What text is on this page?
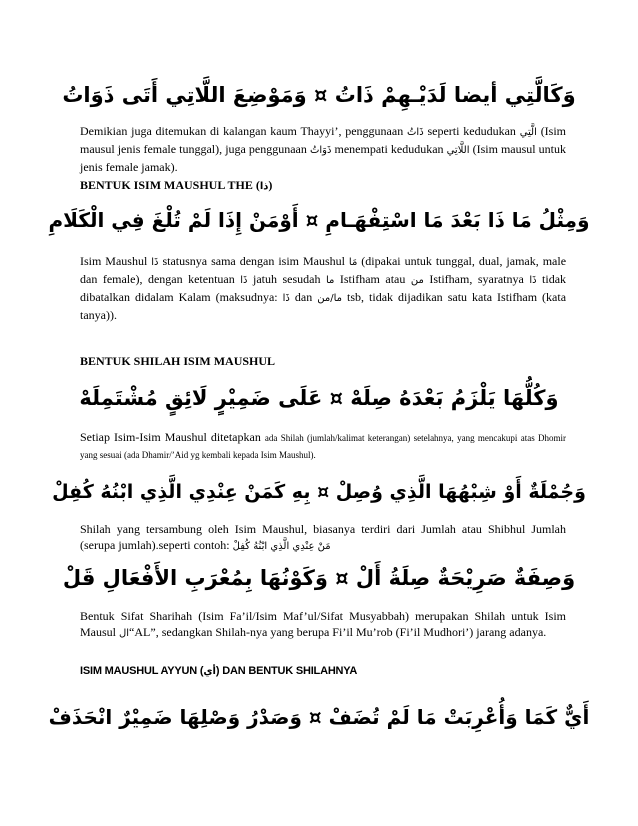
وَكَالَّتِي أيضا لَدَيْـهِمْ ذَاتُ ¤ وَمَوْضِعَ اللَّاتِي أَتَى ذَوَاتُ
Demikian juga ditemukan di kalangan kaum Thayyi’, penggunaan ذَاتُ seperti kedudukan الَّتِي (Isim mausul jenis female tunggal), juga penggunaan ذَوَاتُ menempati kedudukan اللَّاتِي (Isim mausul untuk jenis female jamak).
BENTUK ISIM MAUSHUL THE (ذا)
وَمِثْلُ مَا ذَا بَعْدَ مَا اسْتِفْهَـامِ ¤ أَوْمَنْ إِذَا لَمْ تُلْغَ فِي الْكَلَامِ
Isim Maushul ذَا statusnya sama dengan isim Maushul مَا (dipakai untuk tunggal, dual, jamak, male dan female), dengan ketentuan ذَا jatuh sesudah ما Istifham atau من Istifham, syaratnya ذَا tidak dibatalkan didalam Kalam (maksudnya: ذَا dan ما/من tsb, tidak dijadikan satu kata Istifham (kata tanya)).
BENTUK SHILAH ISIM MAUSHUL
وَكُلُّهَا يَلْزَمُ بَعْدَهُ صِلَهْ ¤ عَلَى ضَمِيْرٍ لَائِقٍ مُشْتَمِلَهْ
Setiap Isim-Isim Maushul ditetapkan ada Shilah (jumlah/kalimat keterangan) setelahnya, yang mencakupi atas Dhomir yang sesuai (ada Dhamir/’Aid yg kembali kepada Isim Maushul).
وَجُمْلَةٌ أَوْ شِبْهُهَا الَّذِي وُصِلْ ¤ بِهِ كَمَنْ عِنْدِي الَّذِي ابْنُهُ كُفِلْ
Shilah yang tersambung oleh Isim Maushul, biasanya terdiri dari Jumlah atau Shibhul Jumlah (serupa jumlah).seperti contoh: مَنْ عِنْدِي الَّذِي ابْنُهُ كُفِلْ
وَصِفَةٌ صَرِيْحَةٌ صِلَةُ أَلْ ¤ وَكَوْنُهَا بِمُعْرَبِ الأَفْعَالِ قَلْ
Bentuk Sifat Sharihah (Isim Fa’il/Isim Maf’ul/Sifat Musyabbah) merupakan Shilah untuk Isim Mausul ال“AL”, sedangkan Shilah-nya yang berupa Fi’il Mu’rob (Fi’il Mudhori’) jarang adanya.
ISIM MAUSHUL AYYUN (أي) DAN BENTUK SHILAHNYA
أَيٌّ كَمَا وَأُعْرِبَتْ مَا لَمْ تُضَفْ ¤ وَصَدْرُ وَصْلِهَا ضَمِيْرٌ انْحَذَفْ
